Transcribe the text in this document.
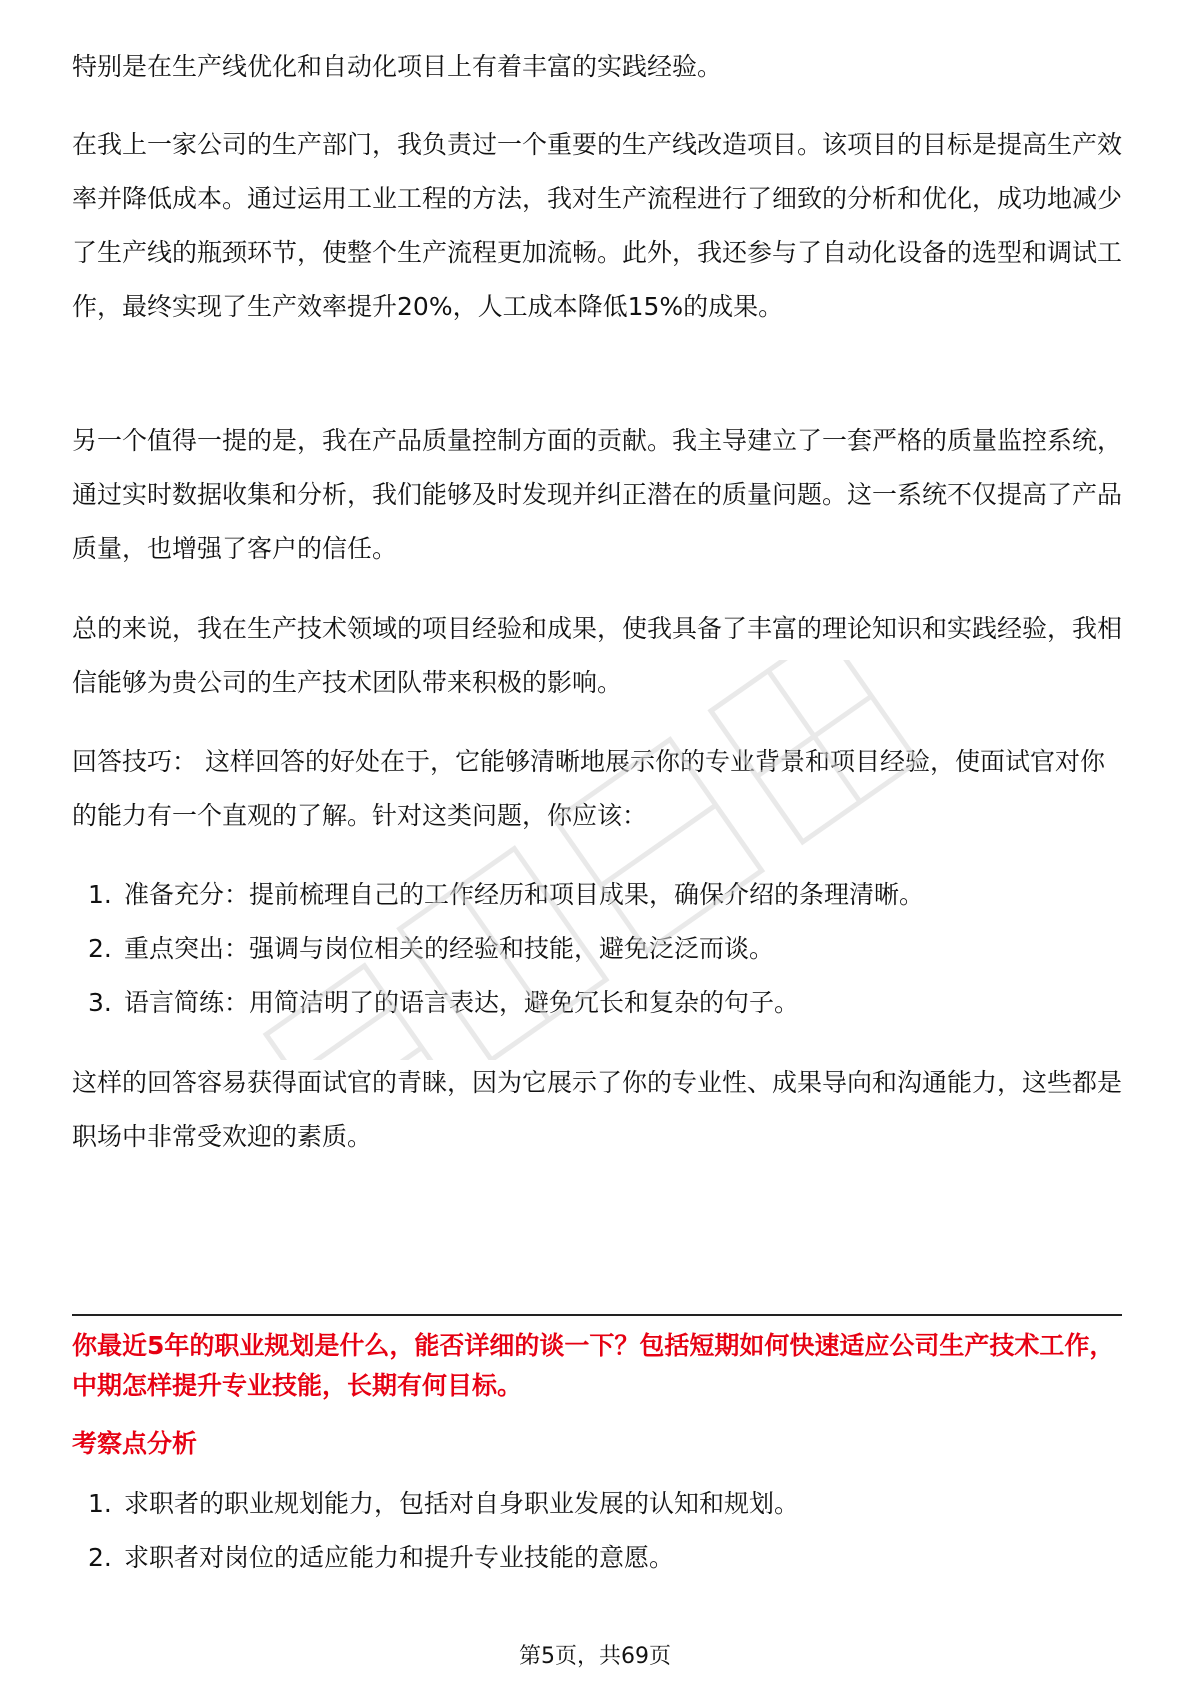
特别是在生产线优化和自动化项目上有着丰富的实践经验。

在我上一家公司的生产部门，我负责过一个重要的生产线改造项目。该项目的目标是提高生产效率并降低成本。通过运用工业工程的方法，我对生产流程进行了细致的分析和优化，成功地减少了生产线的瓶颈环节，使整个生产流程更加流畅。此外，我还参与了自动化设备的选型和调试工作，最终实现了生产效率提升20%，人工成本降低15%的成果。

另一个值得一提的是，我在产品质量控制方面的贡献。我主导建立了一套严格的质量监控系统，通过实时数据收集和分析，我们能够及时发现并纠正潜在的质量问题。这一系统不仅提高了产品质量，也增强了客户的信任。

总的来说，我在生产技术领域的项目经验和成果，使我具备了丰富的理论知识和实践经验，我相信能够为贵公司的生产技术团队带来积极的影响。

回答技巧： 这样回答的好处在于，它能够清晰地展示你的专业背景和项目经验，使面试官对你的能力有一个直观的了解。针对这类问题，你应该：

1. 准备充分：提前梳理自己的工作经历和项目成果，确保介绍的条理清晰。
2. 重点突出：强调与岗位相关的经验和技能，避免泛泛而谈。
3. 语言简练：用简洁明了的语言表达，避免冗长和复杂的句子。

这样的回答容易获得面试官的青睐，因为它展示了你的专业性、成果导向和沟通能力，这些都是职场中非常受欢迎的素质。

你最近5年的职业规划是什么，能否详细的谈一下？包括短期如何快速适应公司生产技术工作，中期怎样提升专业技能，长期有何目标。

考察点分析

1. 求职者的职业规划能力，包括对自身职业发展的认知和规划。
2. 求职者对岗位的适应能力和提升专业技能的意愿。
第5页，共69页
